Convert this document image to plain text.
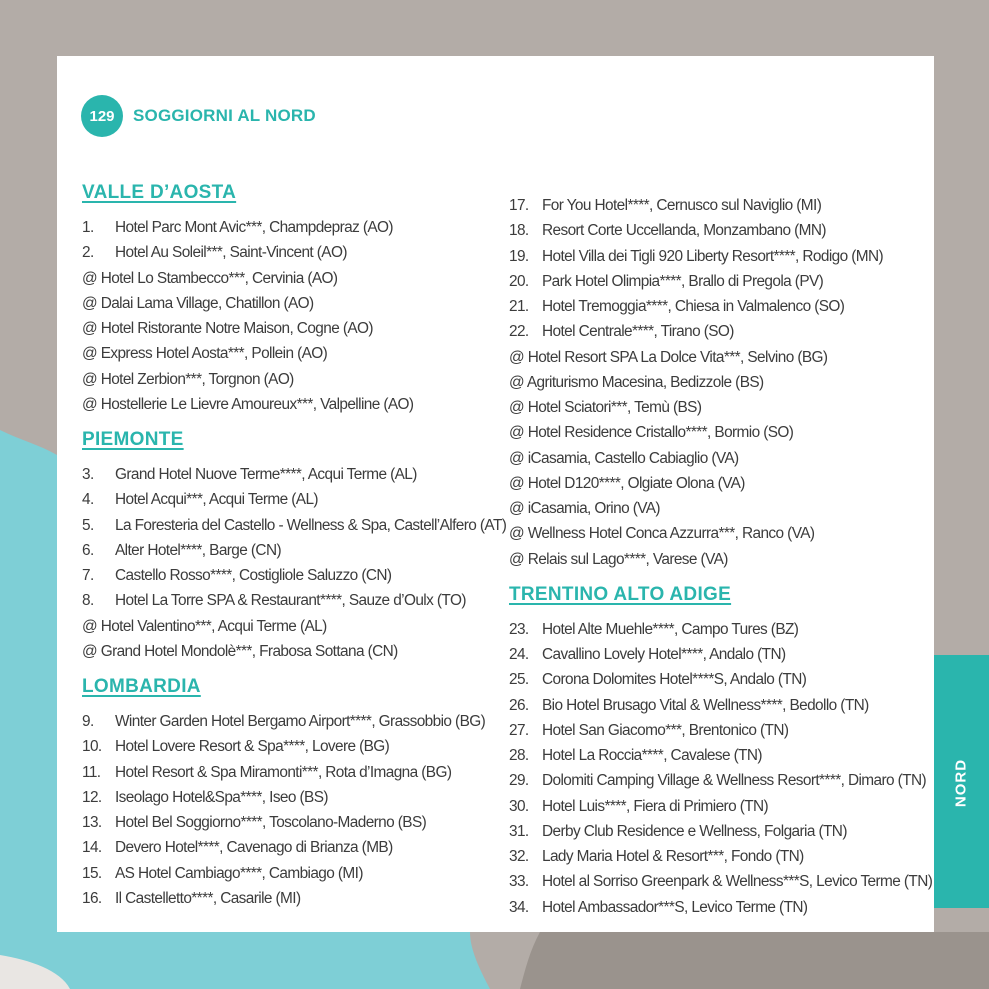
129	SOGGIORNI AL NORD
VALLE D’AOSTA
1. Hotel Parc Mont Avic***, Champdepraz (AO)
2. Hotel Au Soleil***, Saint-Vincent (AO)
@ Hotel Lo Stambecco***, Cervinia (AO)
@ Dalai Lama Village, Chatillon (AO)
@ Hotel Ristorante Notre Maison, Cogne (AO)
@ Express Hotel Aosta***, Pollein (AO)
@ Hotel Zerbion***, Torgnon (AO)
@ Hostellerie Le Lievre Amoureux***, Valpelline (AO)
PIEMONTE
3. Grand Hotel Nuove Terme****, Acqui Terme (AL)
4. Hotel Acqui***, Acqui Terme (AL)
5. La Foresteria del Castello - Wellness & Spa, Castell’Alfero (AT)
6. Alter Hotel****, Barge (CN)
7. Castello Rosso****, Costigliole Saluzzo (CN)
8. Hotel La Torre SPA & Restaurant****, Sauze d’Oulx (TO)
@ Hotel Valentino***, Acqui Terme (AL)
@ Grand Hotel Mondolè***, Frabosa Sottana (CN)
LOMBARDIA
9. Winter Garden Hotel Bergamo Airport****, Grassobbio (BG)
10. Hotel Lovere Resort & Spa****, Lovere (BG)
11. Hotel Resort & Spa Miramonti***, Rota d’Imagna (BG)
12. Iseolago Hotel&Spa****, Iseo (BS)
13. Hotel Bel Soggiorno****, Toscolano-Maderno (BS)
14. Devero Hotel****, Cavenago di Brianza (MB)
15. AS Hotel Cambiago****, Cambiago (MI)
16. Il Castelletto****, Casarile (MI)
17. For You Hotel****, Cernusco sul Naviglio (MI)
18. Resort Corte Uccellanda, Monzambano (MN)
19. Hotel Villa dei Tigli 920 Liberty Resort****, Rodigo (MN)
20. Park Hotel Olimpia****, Brallo di Pregola (PV)
21. Hotel Tremoggia****, Chiesa in Valmalenco (SO)
22. Hotel Centrale****, Tirano (SO)
@ Hotel Resort SPA La Dolce Vita***, Selvino (BG)
@ Agriturismo Macesina, Bedizzole (BS)
@ Hotel Sciatori***, Temù (BS)
@ Hotel Residence Cristallo****, Bormio (SO)
@ iCasamia, Castello Cabiaglio (VA)
@ Hotel D120****, Olgiate Olona (VA)
@ iCasamia, Orino (VA)
@ Wellness Hotel Conca Azzurra***, Ranco (VA)
@ Relais sul Lago****, Varese (VA)
TRENTINO ALTO ADIGE
23. Hotel Alte Muehle****, Campo Tures (BZ)
24. Cavallino Lovely Hotel****, Andalo (TN)
25. Corona Dolomites Hotel****S, Andalo (TN)
26. Bio Hotel Brusago Vital & Wellness****, Bedollo (TN)
27. Hotel San Giacomo***, Brentonico (TN)
28. Hotel La Roccia****, Cavalese (TN)
29. Dolomiti Camping Village & Wellness Resort****, Dimaro (TN)
30. Hotel Luis****, Fiera di Primiero (TN)
31. Derby Club Residence e Wellness, Folgaria (TN)
32. Lady Maria Hotel & Resort***, Fondo (TN)
33. Hotel al Sorriso Greenpark & Wellness***S, Levico Terme (TN)
34. Hotel Ambassador***S, Levico Terme (TN)
NORD
